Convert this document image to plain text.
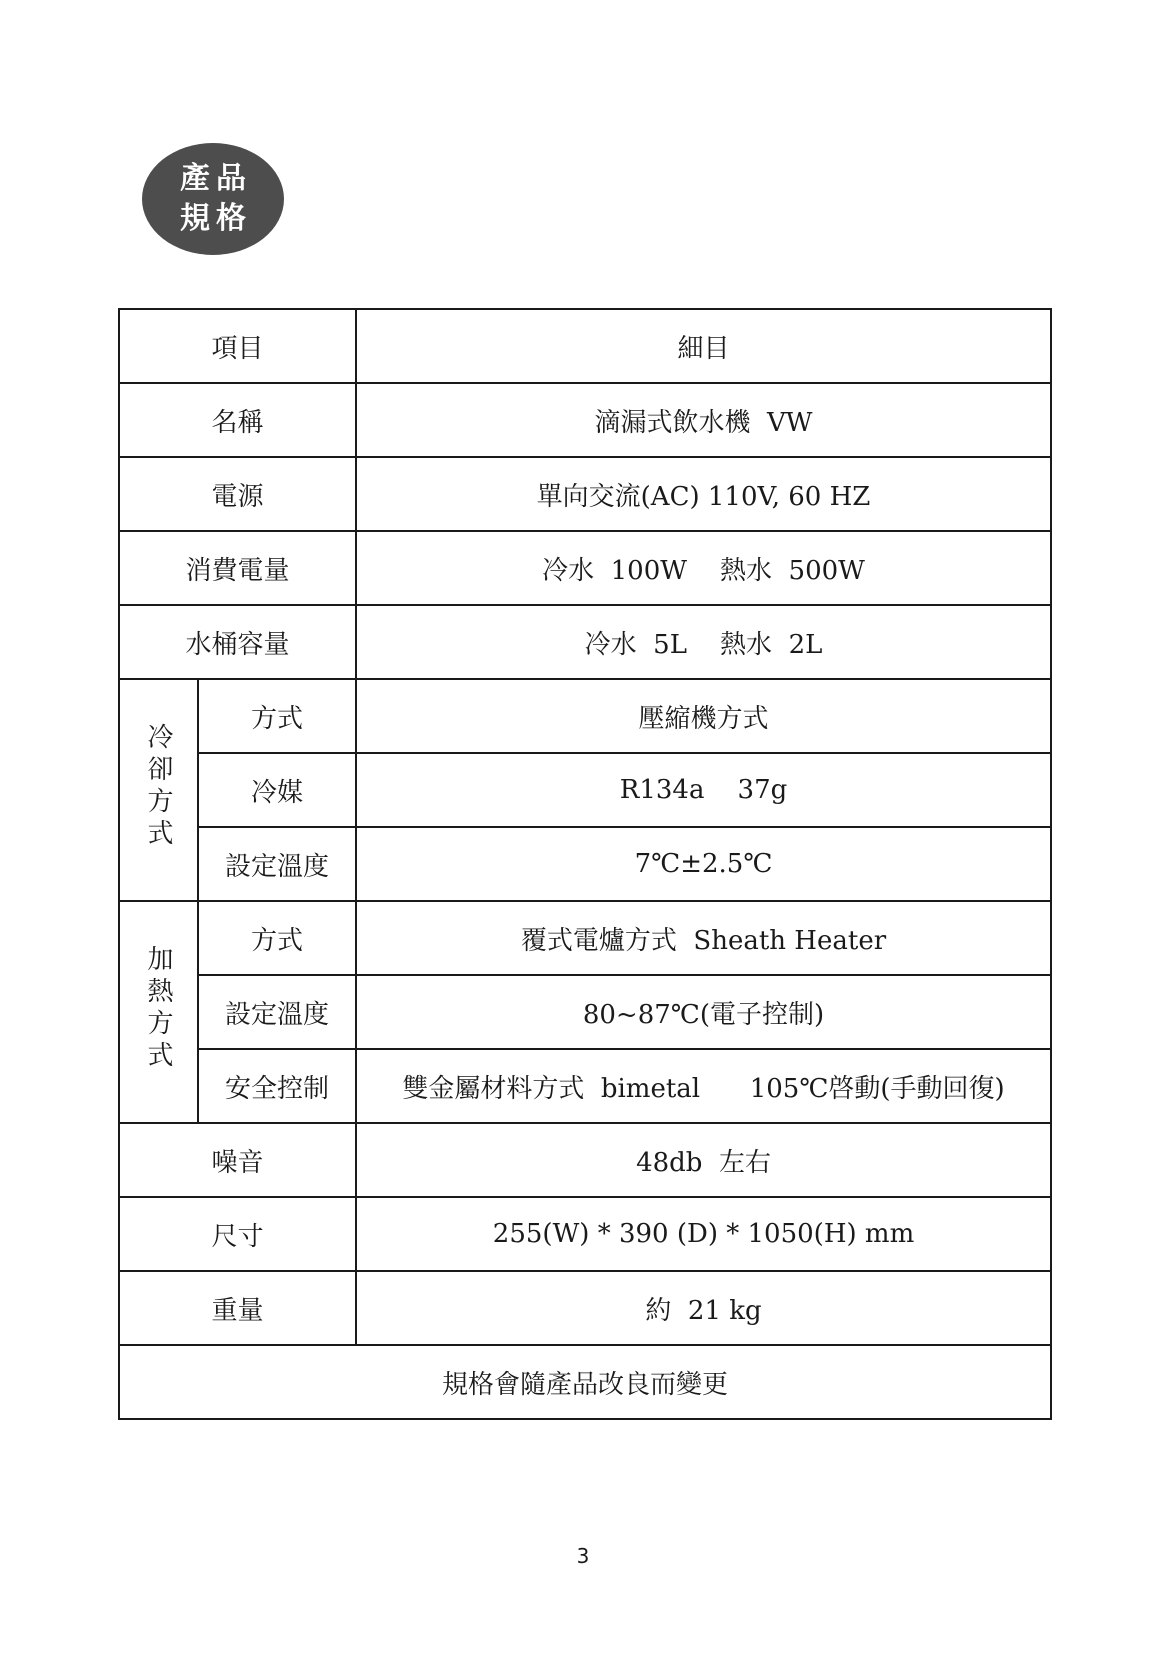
產品
規格
項目		細目
名稱		滴漏式飲水機  VW
電源		單向交流(AC) 110V, 60 HZ
消費電量		冷水  100W    熱水  500W
水桶容量		冷水  5L    熱水  2L
冷卻方式	方式	壓縮機方式
	冷媒	R134a    37g
	設定溫度	7℃±2.5℃
加熱方式	方式	覆式電爐方式  Sheath Heater
	設定溫度	80~87℃(電子控制)
	安全控制	雙金屬材料方式  bimetal      105℃啓動(手動回復)
噪音		48db  左右
尺寸		255(W) * 390 (D) * 1050(H) mm
重量		約  21 kg
規格會隨產品改良而變更		
3
